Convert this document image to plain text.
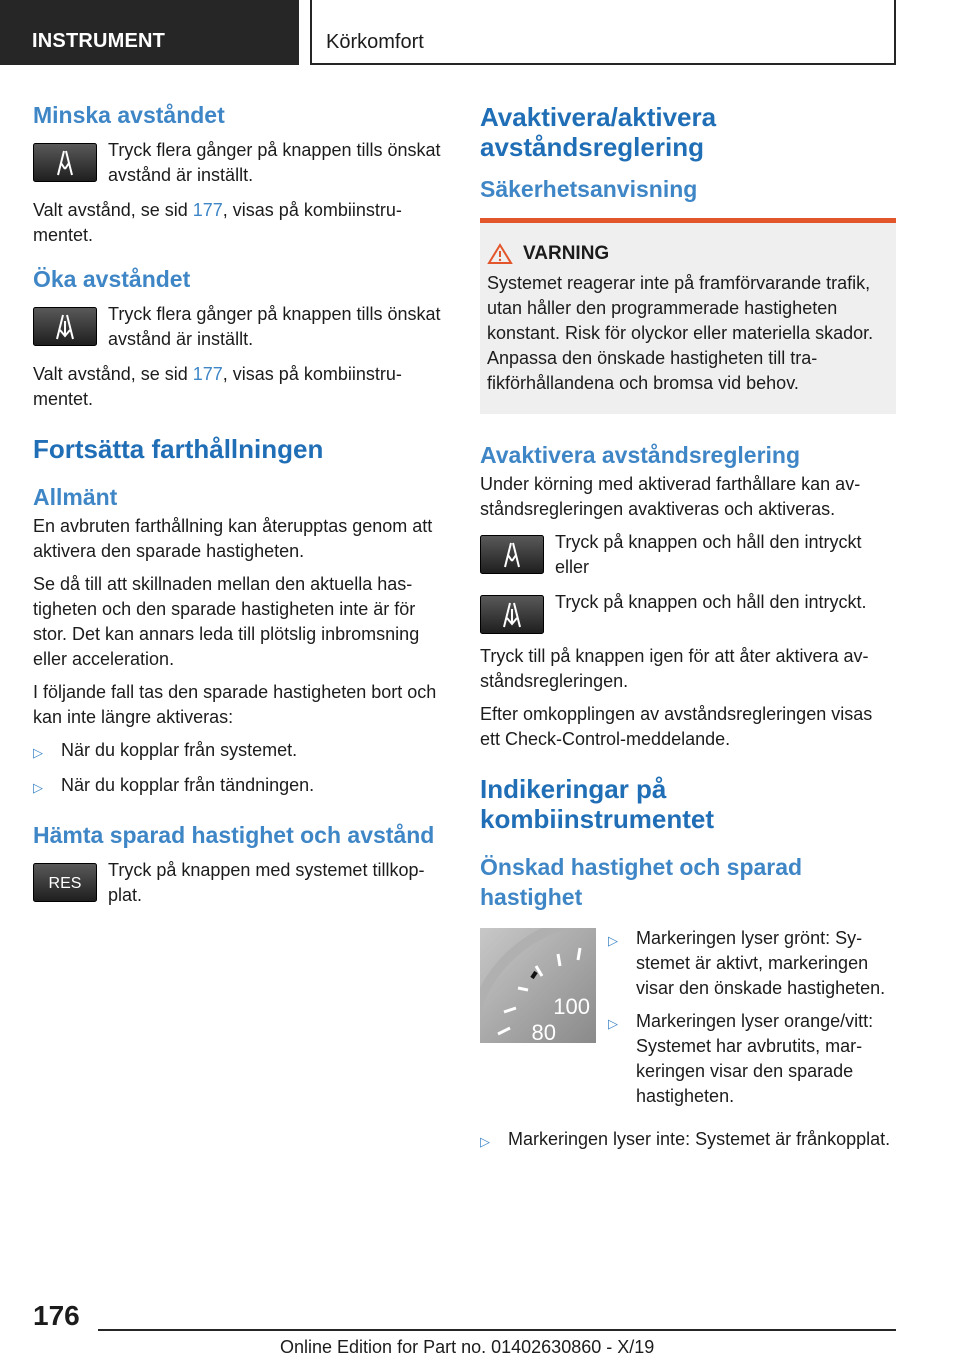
INSTRUMENT	Körkomfort
Minska avståndet

Tryck flera gånger på knappen tills önskat avstånd är inställt.

Valt avstånd, se sid 177, visas på kombiinstrumentet.

Öka avståndet

Tryck flera gånger på knappen tills önskat avstånd är inställt.

Valt avstånd, se sid 177, visas på kombiinstrumentet.

Fortsätta farthållningen
Allmänt

En avbruten farthållning kan återupptas genom att aktivera den sparade hastigheten.

Se då till att skillnaden mellan den aktuella hastigheten och den sparade hastigheten inte är för stor. Det kan annars leda till plötslig inbromsning eller acceleration.

I följande fall tas den sparade hastigheten bort och kan inte längre aktiveras:

▷	När du kopplar från systemet.
▷	När du kopplar från tändningen.
Hämta sparad hastighet och avstånd
RES

Tryck på knappen med systemet tillkopplat.

Avaktivera/aktivera avståndsreglering
Säkerhetsanvisning
VARNING

Systemet reagerar inte på framförvarande trafik, utan håller den programmerade hastigheten konstant. Risk för olyckor eller materiella skador. Anpassa den önskade hastigheten till trafikförhållandena och bromsa vid behov.

Avaktivera avståndsreglering

Under körning med aktiverad farthållare kan avståndsregleringen avaktiveras och aktiveras.

Tryck på knappen och håll den intryckt eller

Tryck på knappen och håll den intryckt.

Tryck till på knappen igen för att åter aktivera avståndsregleringen.

Efter omkopplingen av avståndsregleringen visas ett Check-Control-meddelande.

Indikeringar på kombiinstrumentet
Önskad hastighet och sparad hastighet
100
80
▷	Markeringen lyser grönt: Systemet är aktivt, markeringen visar den önskade hastigheten.
▷	Markeringen lyser orange/vitt: Systemet har avbrutits, markeringen visar den sparade hastigheten.
▷	Markeringen lyser inte: Systemet är frånkopplat.
176
Online Edition for Part no. 01402630860 - X/19
